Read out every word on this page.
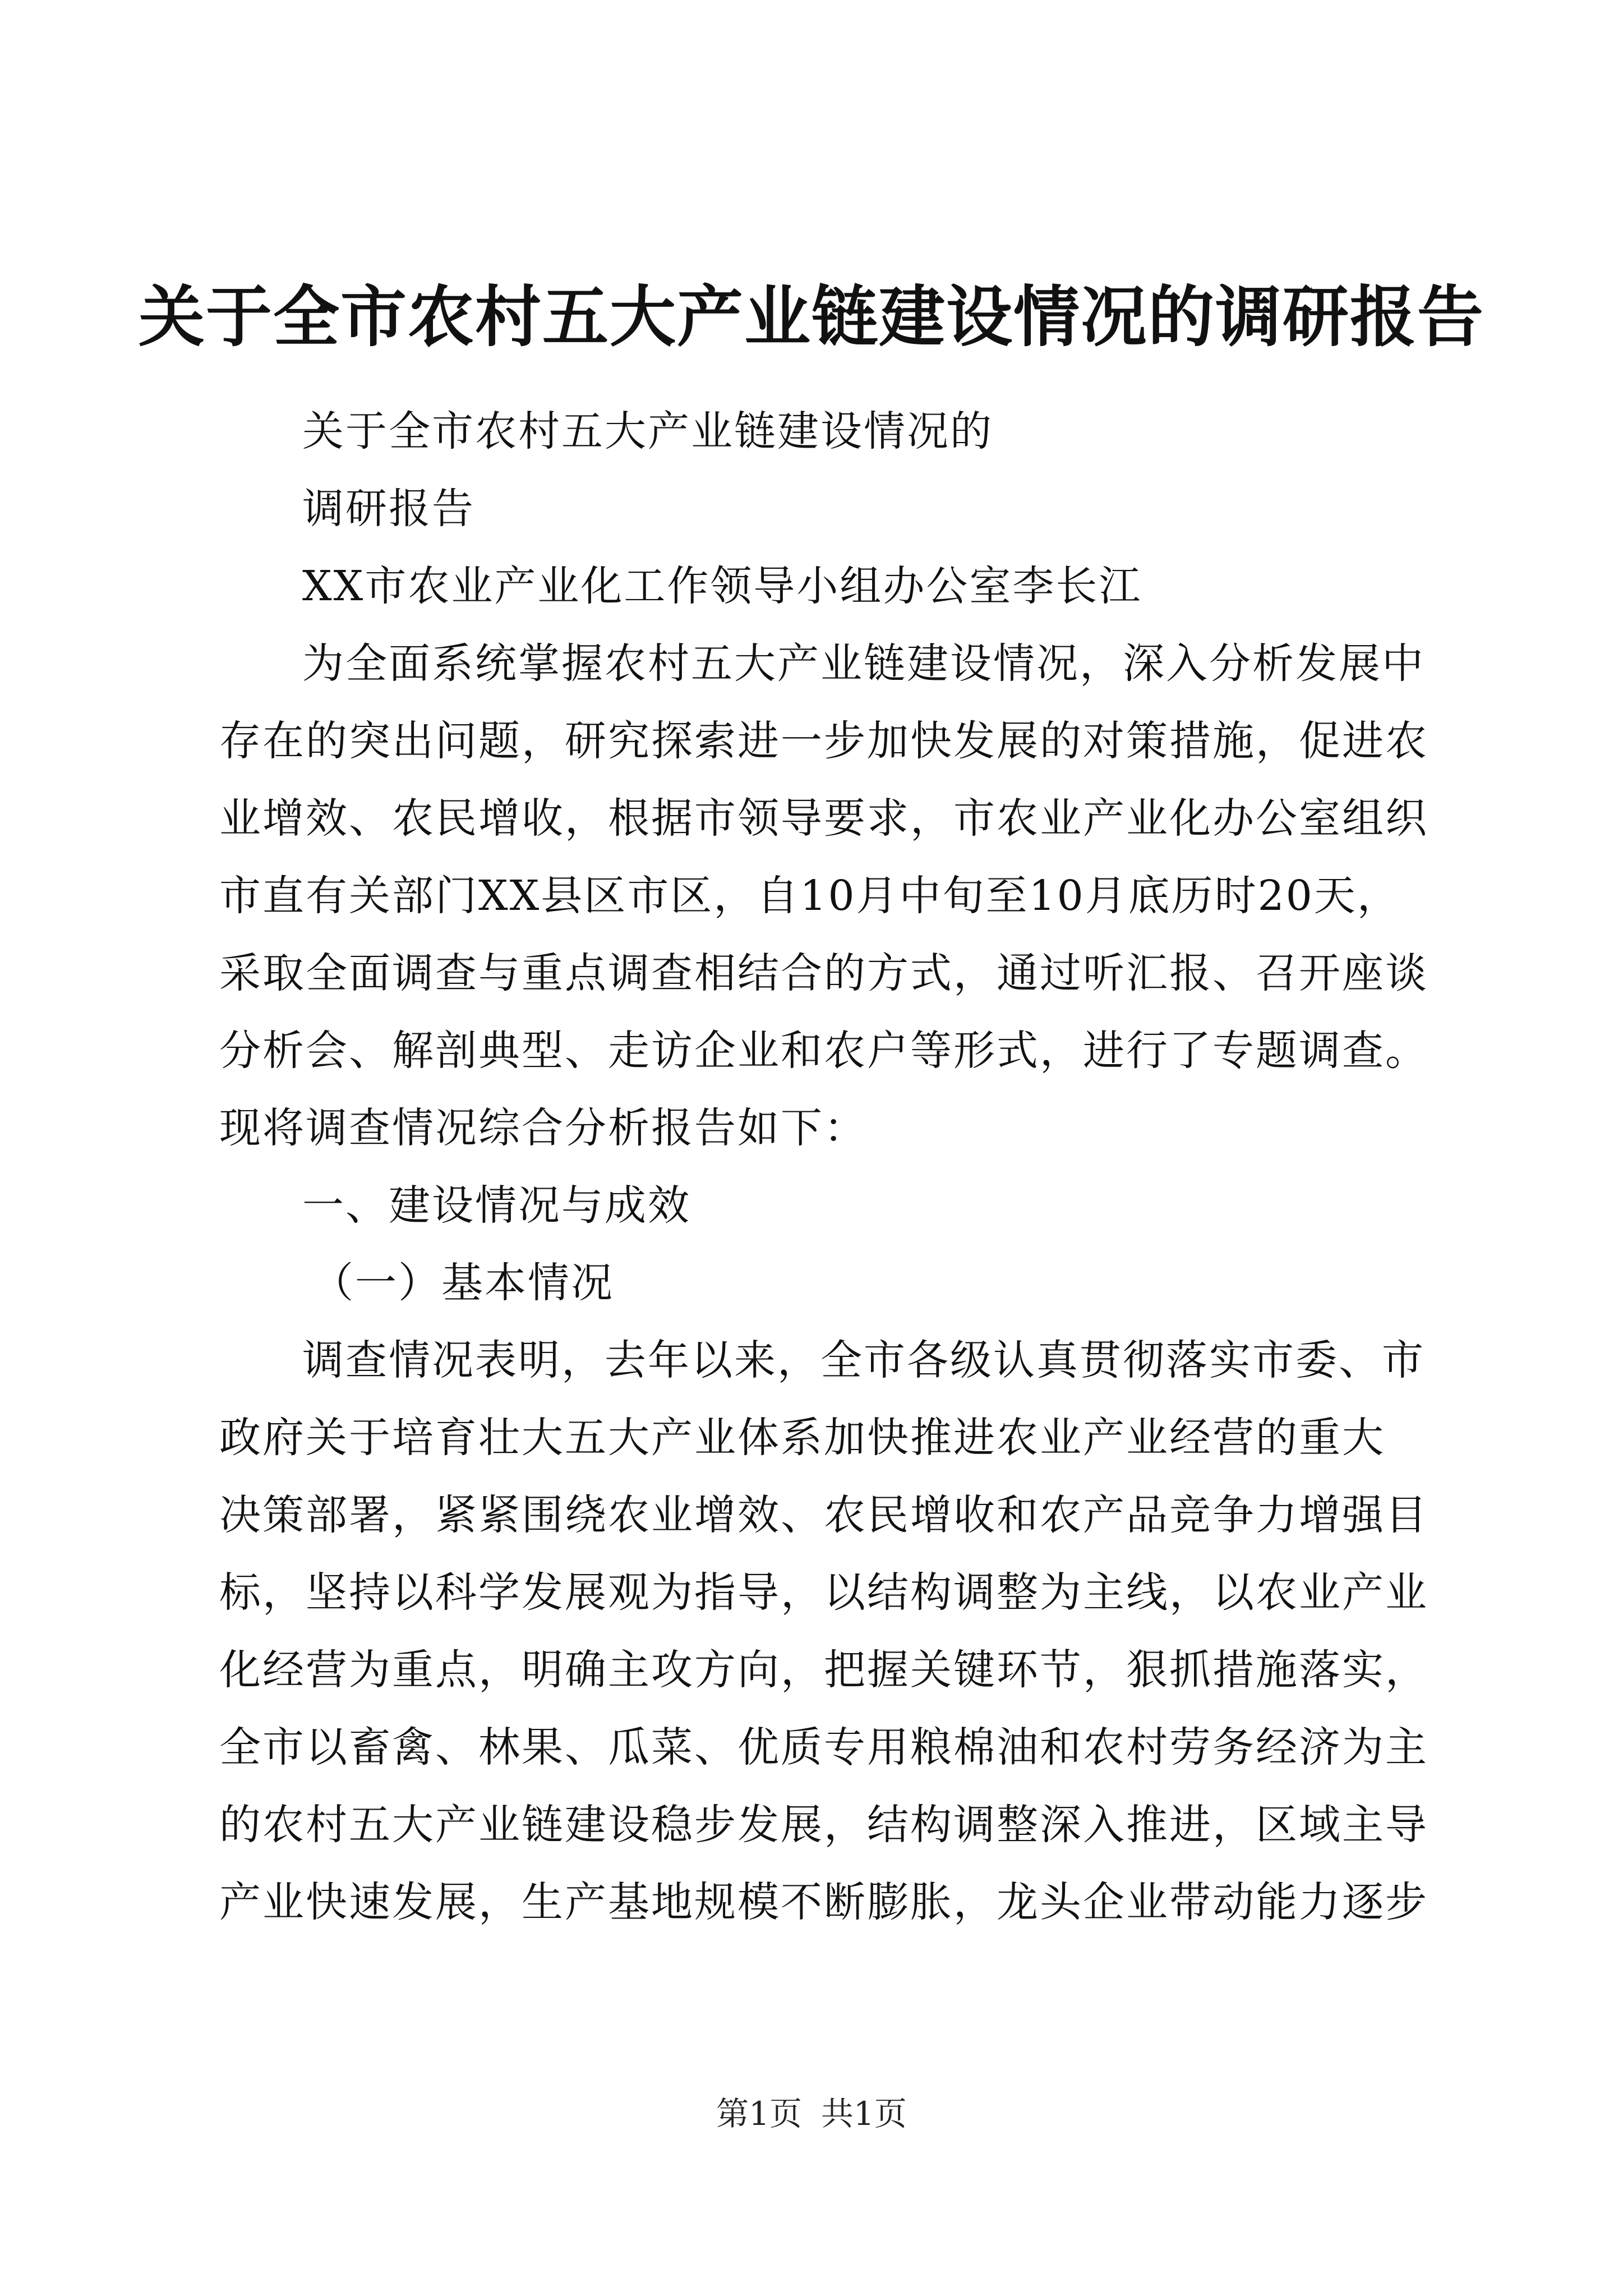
关于全市农村五大产业链建设情况的调研报告
关于全市农村五大产业链建设情况的
调研报告
XX市农业产业化工作领导小组办公室李长江
为全面系统掌握农村五大产业链建设情况，深入分析发展中
存在的突出问题，研究探索进一步加快发展的对策措施，促进农
业增效、农民增收，根据市领导要求，市农业产业化办公室组织
市直有关部门XX县区市区，自10月中旬至10月底历时20天，
采取全面调查与重点调查相结合的方式，通过听汇报、召开座谈
分析会、解剖典型、走访企业和农户等形式，进行了专题调查。
现将调查情况综合分析报告如下：
一、建设情况与成效
（一）基本情况
调查情况表明，去年以来，全市各级认真贯彻落实市委、市
政府关于培育壮大五大产业体系加快推进农业产业经营的重大
决策部署，紧紧围绕农业增效、农民增收和农产品竞争力增强目
标，坚持以科学发展观为指导，以结构调整为主线，以农业产业
化经营为重点，明确主攻方向，把握关键环节，狠抓措施落实，
全市以畜禽、林果、瓜菜、优质专用粮棉油和农村劳务经济为主
的农村五大产业链建设稳步发展，结构调整深入推进，区域主导
产业快速发展，生产基地规模不断膨胀，龙头企业带动能力逐步
第1页 共1页
